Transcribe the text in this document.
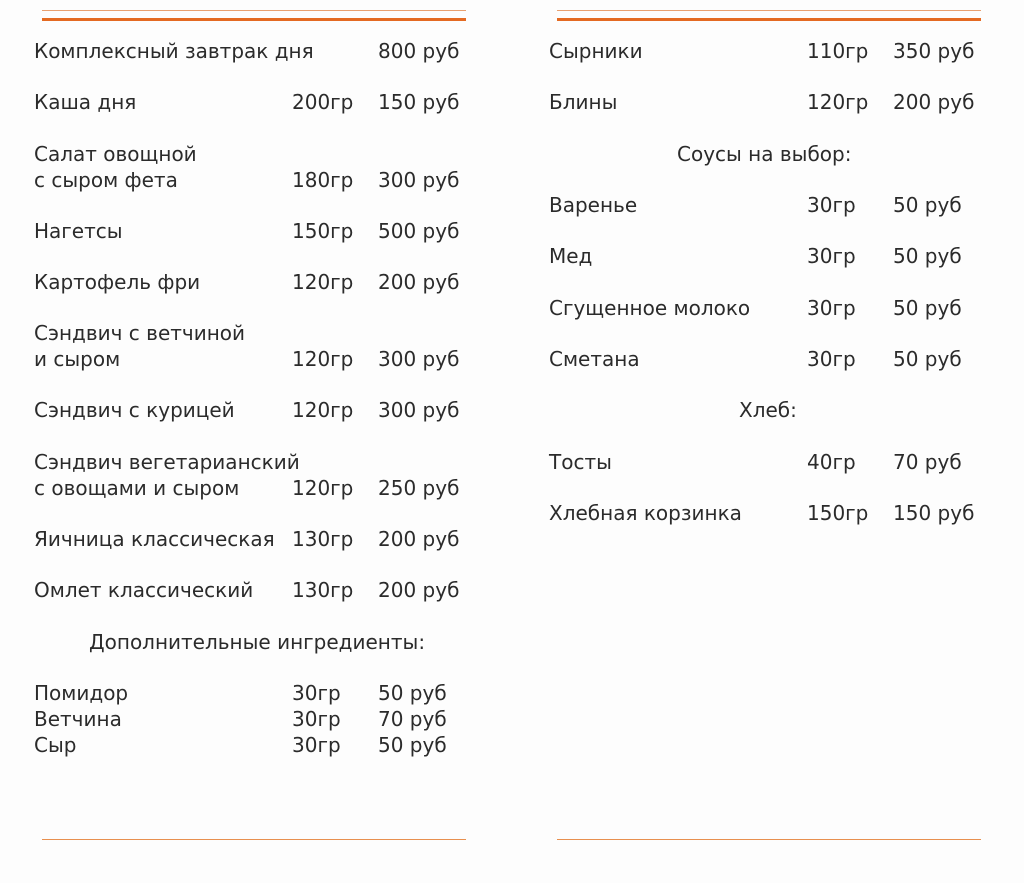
Комплексный завтрак дня	800 руб
Каша дня	200гр 150 руб
Салат овощной
с сыром фета	180гр 300 руб
Нагетсы	150гр 500 руб
Картофель фри	120гр 200 руб
Сэндвич с ветчиной
и сыром	120гр 300 руб
Сэндвич с курицей	120гр 300 руб
Сэндвич вегетарианский
с овощами и сыром	120гр 250 руб
Яичница классическая 130гр 200 руб
Омлет классический 130гр 200 руб
Дополнительные ингредиенты:
Помидор	30гр 50 руб
Ветчина	30гр 70 руб
Сыр	30гр 50 руб
Сырники	110гр 350 руб
Блины	120гр 200 руб
Соусы на выбор:
Варенье	30гр 50 руб
Мед	30гр 50 руб
Сгущенное молоко	30гр 50 руб
Сметана	30гр 50 руб
Хлеб:
Тосты	40гр 70 руб
Хлебная корзинка	150гр 150 руб
